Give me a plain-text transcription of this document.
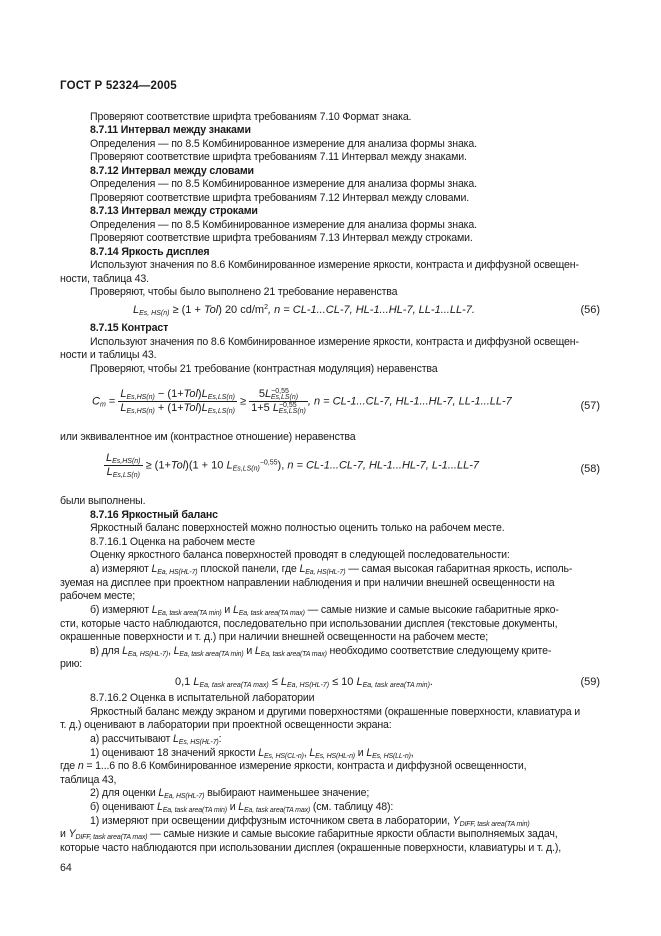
ГОСТ Р 52324—2005
Проверяют соответствие шрифта требованиям 7.10 Формат знака.
8.7.11 Интервал между знаками
Определения — по 8.5 Комбинированное измерение для анализа формы знака.
Проверяют соответствие шрифта требованиям 7.11 Интервал между знаками.
8.7.12 Интервал между словами
Определения — по 8.5 Комбинированное измерение для анализа формы знака.
Проверяют соответствие шрифта требованиям 7.12 Интервал между словами.
8.7.13 Интервал между строками
Определения — по 8.5 Комбинированное измерение для анализа формы знака.
Проверяют соответствие шрифта требованиям 7.13 Интервал между строками.
8.7.14 Яркость дисплея
Используют значения по 8.6 Комбинированное измерение яркости, контраста и диффузной освещен-
ности, таблица 43.
Проверяют, чтобы было выполнено 21 требование неравенства
$L_{Es, HS(n)} \ge (1 + Tol)$ 20 $cd/m^2$, n = CL-1...CL-7, HL-1...HL-7, LL-1...LL-7.	(56)
8.7.15 Контраст
Используют значения по 8.6 Комбинированное измерение яркости, контраста и диффузной освещен-
ности и таблицы 43.
Проверяют, чтобы 21 требование (контрастная модуляция) неравенства
$C_m = \frac{L_{Es,HS(n)} - (1+Tol)L_{Es,LS(n)}}{L_{Es,HS(n)} + (1+Tol)L_{Es,LS(n)}} \ge \frac{5L^{-0,55}_{Es,LS(n)}}{1+5 L^{-0,55}_{Es,LS(n)}}$ , n = CL-1...CL-7, HL-1...HL-7, LL-1...LL-7	(57)
или эквивалентное им (контрастное отношение) неравенства
$\frac{L_{Es,HS(n)}}{L_{Es,LS(n)}} \ge (1+Tol)(1 + 10$ $L_{Es,LS(n)}^{-0,55}$), n = CL-1...CL-7, HL-1...HL-7, L-1...LL-7	(58)
были выполнены.
8.7.16 Яркостный баланс
Яркостный баланс поверхностей можно полностью оценить только на рабочем месте.
8.7.16.1 Оценка на рабочем месте
Оценку яркостного баланса поверхностей проводят в следующей последовательности:
а) измеряют $L_{Ea, HS(HL-7)}$ плоской панели, где $L_{Ea, HS(HL-7)}$ — самая высокая габаритная яркость, исполь-
зуемая на дисплее при проектном направлении наблюдения и при наличии внешней освещенности на
рабочем месте;
б) измеряют $L_{Ea, task area(TA min)}$ и $L_{Ea, task area(TA max)}$ — самые низкие и самые высокие габаритные ярко-
сти, которые часто наблюдаются, последовательно при использовании дисплея (текстовые документы,
окрашенные поверхности и т. д.) при наличии внешней освещенности на рабочем месте;
в) для $L_{Ea, HS(HL-7)}$, $L_{Ea, task area(TA min)}$ и $L_{Ea, task area(TA max)}$ необходимо соответствие следующему крите-
рию:
0,1 $L_{Ea, task area(TA max)} \le L_{Ea, HS(HL-7)} \le 10$ $L_{Ea, task area(TA min)}$.	(59)
8.7.16.2 Оценка в испытательной лаборатории
Яркостный баланс между экраном и другими поверхностями (окрашенные поверхности, клавиатура и
т. д.) оценивают в лаборатории при проектной освещенности экрана:
а) рассчитывают $L_{Es, HS(HL-7)}$:
1) оценивают 18 значений яркости $L_{Es, HS(CL-n)}$, $L_{Es, HS(HL-n)}$ и $L_{Es, HS(LL-n)}$,
где n = 1...6 по 8.6 Комбинированное измерение яркости, контраста и диффузной освещенности,
таблица 43,
2) для оценки $L_{Ea, HS(HL-7)}$ выбирают наименьшее значение;
б) оценивают $L_{Ea, task area(TA min)}$ и $L_{Ea, task area(TA max)}$ (см. таблицу 48):
1) измеряют при освещении диффузным источником света в лаборатории, $Y_{DIFF, task area(TA min)}$
и $Y_{DIFF, task area(TA max)}$ — самые низкие и самые высокие габаритные яркости области выполняемых задач,
которые часто наблюдаются при использовании дисплея (окрашенные поверхности, клавиатуры и т. д.),
64
